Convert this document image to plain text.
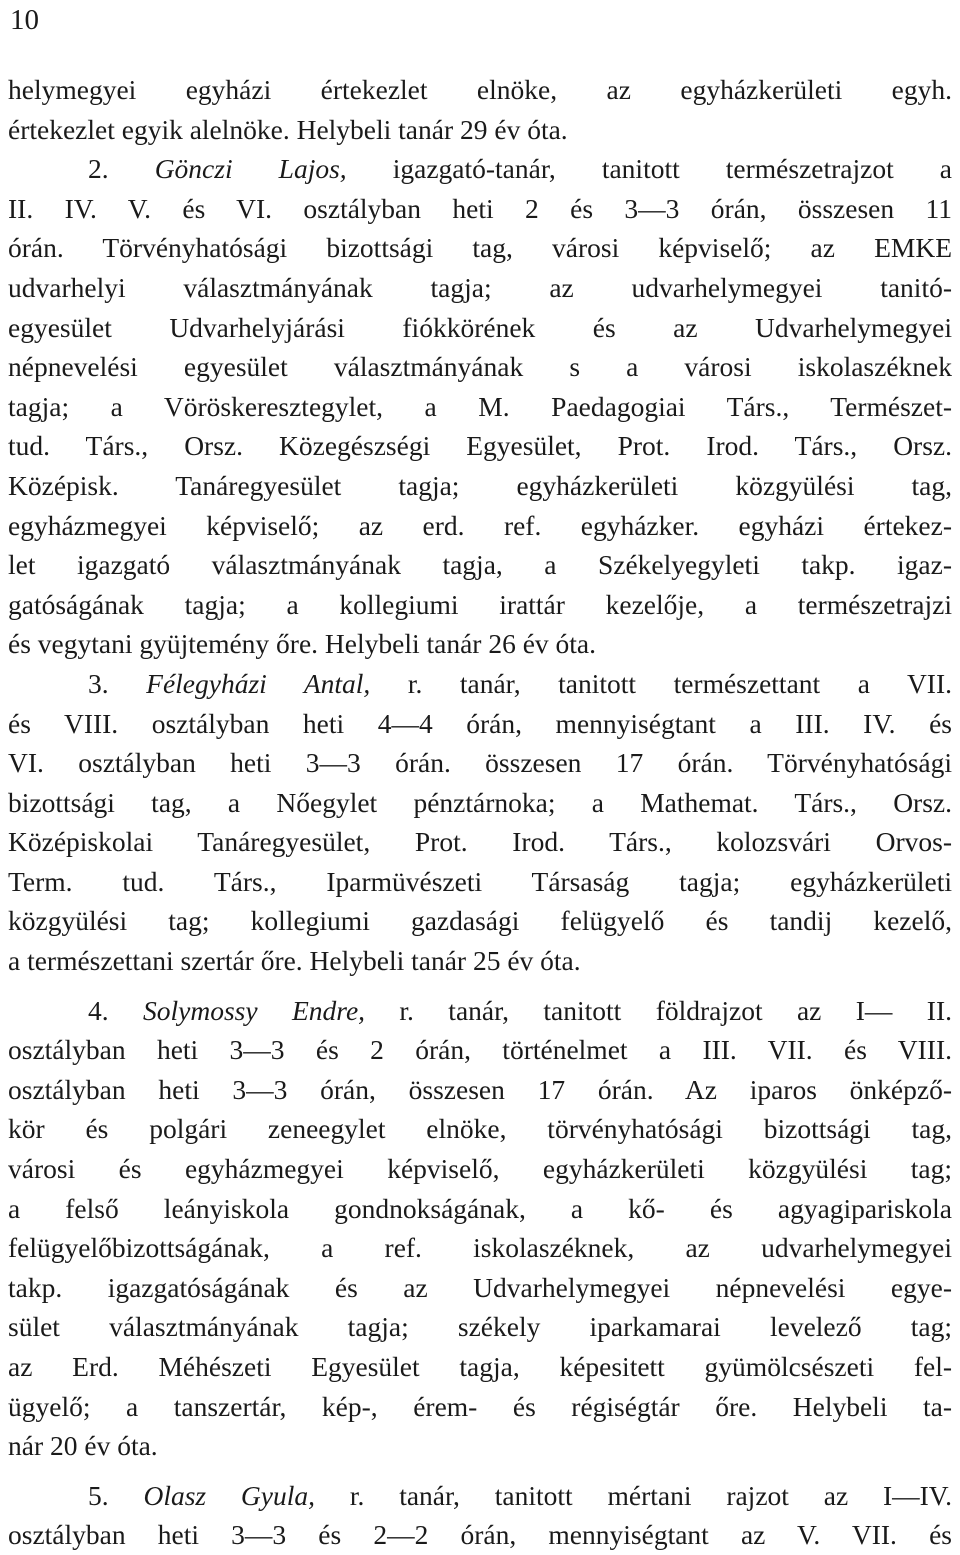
10
helymegyei egyházi értekezlet elnöke, az egyházkerületi egyh.
értekezlet egyik alelnöke. Helybeli tanár 29 év óta.
2. Gönczi Lajos, igazgató-tanár, tanitott természetrajzot a
II. IV. V. és VI. osztályban heti 2 és 3—3 órán, összesen 11
órán. Törvényhatósági bizottsági tag, városi képviselő; az EMKE
udvarhelyi választmányának tagja; az udvarhelymegyei tanitó-
egyesület Udvarhelyjárási fiókkörének és az Udvarhelymegyei
népnevelési egyesület választmányának s a városi iskolaszéknek
tagja; a Vöröskeresztegylet, a M. Paedagogiai Társ., Természet-
tud. Társ., Orsz. Közegészségi Egyesület, Prot. Irod. Társ., Orsz.
Középisk. Tanáregyesület tagja; egyházkerületi közgyülési tag,
egyházmegyei képviselő; az erd. ref. egyházker. egyházi értekez-
let igazgató választmányának tagja, a Székelyegyleti takp. igaz-
gatóságának tagja; a kollegiumi irattár kezelője, a természetrajzi
és vegytani gyüjtemény őre. Helybeli tanár 26 év óta.
3. Félegyházi Antal, r. tanár, tanitott természettant a VII.
és VIII. osztályban heti 4—4 órán, mennyiségtant a III. IV. és
VI. osztályban heti 3—3 órán. összesen 17 órán. Törvényhatósági
bizottsági tag, a Nőegylet pénztárnoka; a Mathemat. Társ., Orsz.
Középiskolai Tanáregyesület, Prot. Irod. Társ., kolozsvári Orvos-
Term. tud. Társ., Iparmüvészeti Társaság tagja; egyházkerületi
közgyülési tag; kollegiumi gazdasági felügyelő és tandij kezelő,
a természettani szertár őre. Helybeli tanár 25 év óta.
4. Solymossy Endre, r. tanár, tanitott földrajzot az I— II.
osztályban heti 3—3 és 2 órán, történelmet a III. VII. és VIII.
osztályban heti 3—3 órán, összesen 17 órán. Az iparos önképző-
kör és polgári zeneegylet elnöke, törvényhatósági bizottsági tag,
városi és egyházmegyei képviselő, egyházkerületi közgyülési tag;
a felső leányiskola gondnokságának, a kő- és agyagipariskola
felügyelőbizottságának, a ref. iskolaszéknek, az udvarhelymegyei
takp. igazgatóságának és az Udvarhelymegyei népnevelési egye-
sület választmányának tagja; székely iparkamarai levelező tag;
az Erd. Méhészeti Egyesület tagja, képesitett gyümölcsészeti fel-
ügyelő; a tanszertár, kép-, érem- és régiségtár őre. Helybeli ta-
nár 20 év óta.
5. Olasz Gyula, r. tanár, tanitott mértani rajzot az I—IV.
osztályban heti 3—3 és 2—2 órán, mennyiségtant az V. VII. és
